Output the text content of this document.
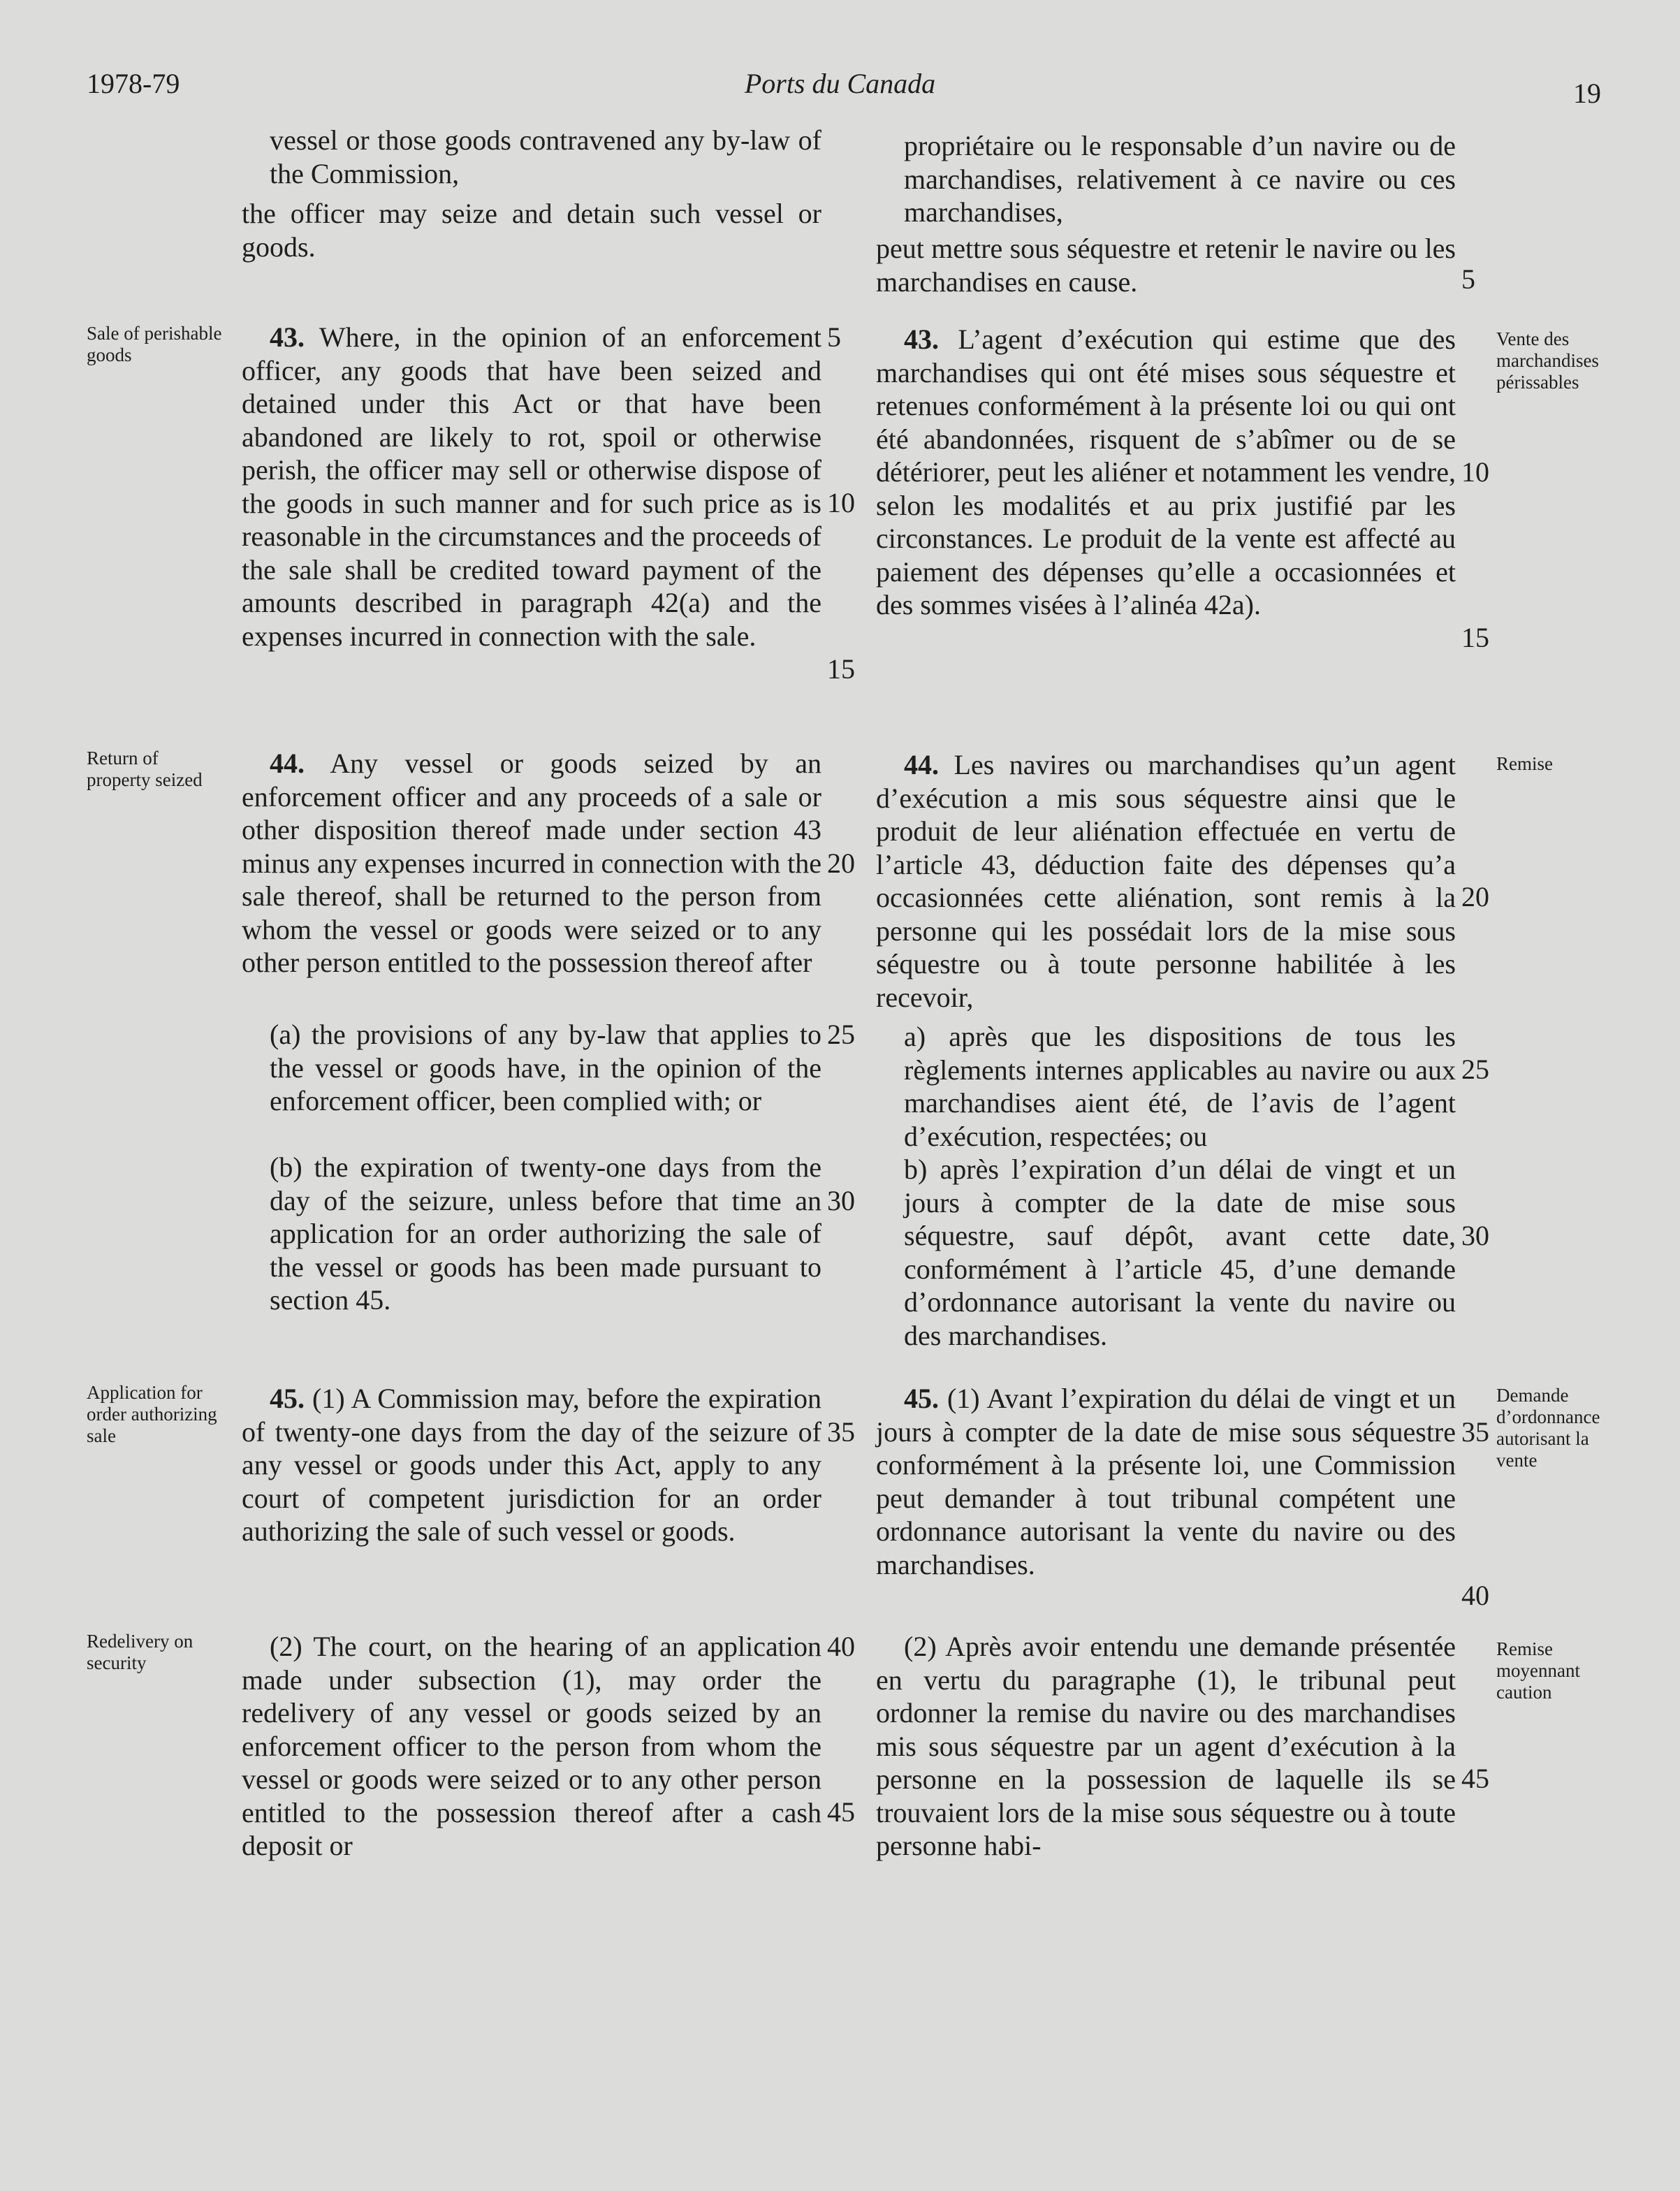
1978-79	Ports du Canada	19

vessel or those goods contravened any by-law of the Commission,

the officer may seize and detain such vessel or goods.

43. Where, in the opinion of an enforcement officer, any goods that have been seized and detained under this Act or that have been abandoned are likely to rot, spoil or otherwise perish, the officer may sell or otherwise dispose of the goods in such manner and for such price as is reasonable in the circumstances and the proceeds of the sale shall be credited toward payment of the amounts described in paragraph 42(a) and the expenses incurred in connection with the sale.

44. Any vessel or goods seized by an enforcement officer and any proceeds of a sale or other disposition thereof made under section 43 minus any expenses incurred in connection with the sale thereof, shall be returned to the person from whom the vessel or goods were seized or to any other person entitled to the possession thereof after

(a) the provisions of any by-law that applies to the vessel or goods have, in the opinion of the enforcement officer, been complied with; or

(b) the expiration of twenty-one days from the day of the seizure, unless before that time an application for an order authorizing the sale of the vessel or goods has been made pursuant to section 45.

45. (1) A Commission may, before the expiration of twenty-one days from the day of the seizure of any vessel or goods under this Act, apply to any court of competent jurisdiction for an order authorizing the sale of such vessel or goods.

(2) The court, on the hearing of an application made under subsection (1), may order the redelivery of any vessel or goods seized by an enforcement officer to the person from whom the vessel or goods were seized or to any other person entitled to the possession thereof after a cash deposit or

propriétaire ou le responsable d’un navire ou de marchandises, relativement à ce navire ou ces marchandises,

peut mettre sous séquestre et retenir le navire ou les marchandises en cause.

43. L’agent d’exécution qui estime que des marchandises qui ont été mises sous séquestre et retenues conformément à la présente loi ou qui ont été abandonnées, risquent de s’abîmer ou de se détériorer, peut les aliéner et notamment les vendre, selon les modalités et au prix justifié par les circonstances. Le produit de la vente est affecté au paiement des dépenses qu’elle a occasionnées et des sommes visées à l’alinéa 42a).

44. Les navires ou marchandises qu’un agent d’exécution a mis sous séquestre ainsi que le produit de leur aliénation effectuée en vertu de l’article 43, déduction faite des dépenses qu’a occasionnées cette aliénation, sont remis à la personne qui les possédait lors de la mise sous séquestre ou à toute personne habilitée à les recevoir,

a) après que les dispositions de tous les règlements internes applicables au navire ou aux marchandises aient été, de l’avis de l’agent d’exécution, respectées; ou

b) après l’expiration d’un délai de vingt et un jours à compter de la date de mise sous séquestre, sauf dépôt, avant cette date, conformément à l’article 45, d’une demande d’ordonnance autorisant la vente du navire ou des marchandises.

45. (1) Avant l’expiration du délai de vingt et un jours à compter de la date de mise sous séquestre conformément à la présente loi, une Commission peut demander à tout tribunal compétent une ordonnance autorisant la vente du navire ou des marchandises.

(2) Après avoir entendu une demande présentée en vertu du paragraphe (1), le tribunal peut ordonner la remise du navire ou des marchandises mis sous séquestre par un agent d’exécution à la personne en la possession de laquelle ils se trouvaient lors de la mise sous séquestre ou à toute personne habi-

Sale of perishable goods
Return of property seized
Application for order authorizing sale
Redelivery on security
Vente des marchandises périssables
Remise
Demande d’ordonnance autorisant la vente
Remise moyennant caution
5
10
15
20
25
30
35
40
45
5
10
15
20
25
30
35
40
45
